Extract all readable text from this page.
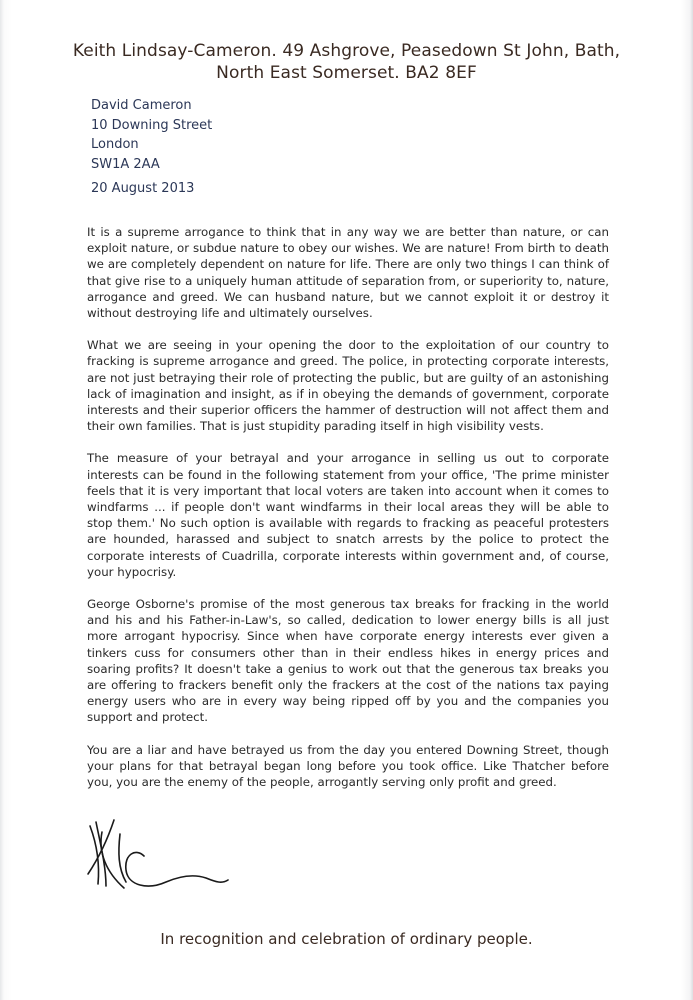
Keith Lindsay-Cameron. 49 Ashgrove, Peasedown St John, Bath,
North East Somerset. BA2 8EF
David Cameron
10 Downing Street
London
SW1A 2AA
20 August 2013

It is a supreme arrogance to think that in any way we are better than nature, or can exploit nature, or subdue nature to obey our wishes. We are nature! From birth to death we are completely dependent on nature for life. There are only two things I can think of that give rise to a uniquely human attitude of separation from, or superiority to, nature, arrogance and greed. We can husband nature, but we cannot exploit it or destroy it without destroying life and ultimately ourselves.

What we are seeing in your opening the door to the exploitation of our country to fracking is supreme arrogance and greed. The police, in protecting corporate interests, are not just betraying their role of protecting the public, but are guilty of an astonishing lack of imagination and insight, as if in obeying the demands of government, corporate interests and their superior officers the hammer of destruction will not affect them and their own families. That is just stupidity parading itself in high visibility vests.

The measure of your betrayal and your arrogance in selling us out to corporate interests can be found in the following statement from your office, 'The prime minister feels that it is very important that local voters are taken into account when it comes to windfarms ... if people don't want windfarms in their local areas they will be able to stop them.' No such option is available with regards to fracking as peaceful protesters are hounded, harassed and subject to snatch arrests by the police to protect the corporate interests of Cuadrilla, corporate interests within government and, of course, your hypocrisy.

George Osborne's promise of the most generous tax breaks for fracking in the world and his and his Father-in-Law's, so called, dedication to lower energy bills is all just more arrogant hypocrisy. Since when have corporate energy interests ever given a tinkers cuss for consumers other than in their endless hikes in energy prices and soaring profits? It doesn't take a genius to work out that the generous tax breaks you are offering to frackers benefit only the frackers at the cost of the nations tax paying energy users who are in every way being ripped off by you and the companies you support and protect.

You are a liar and have betrayed us from the day you entered Downing Street, though your plans for that betrayal began long before you took office. Like Thatcher before you, you are the enemy of the people, arrogantly serving only profit and greed.

In recognition and celebration of ordinary people.
